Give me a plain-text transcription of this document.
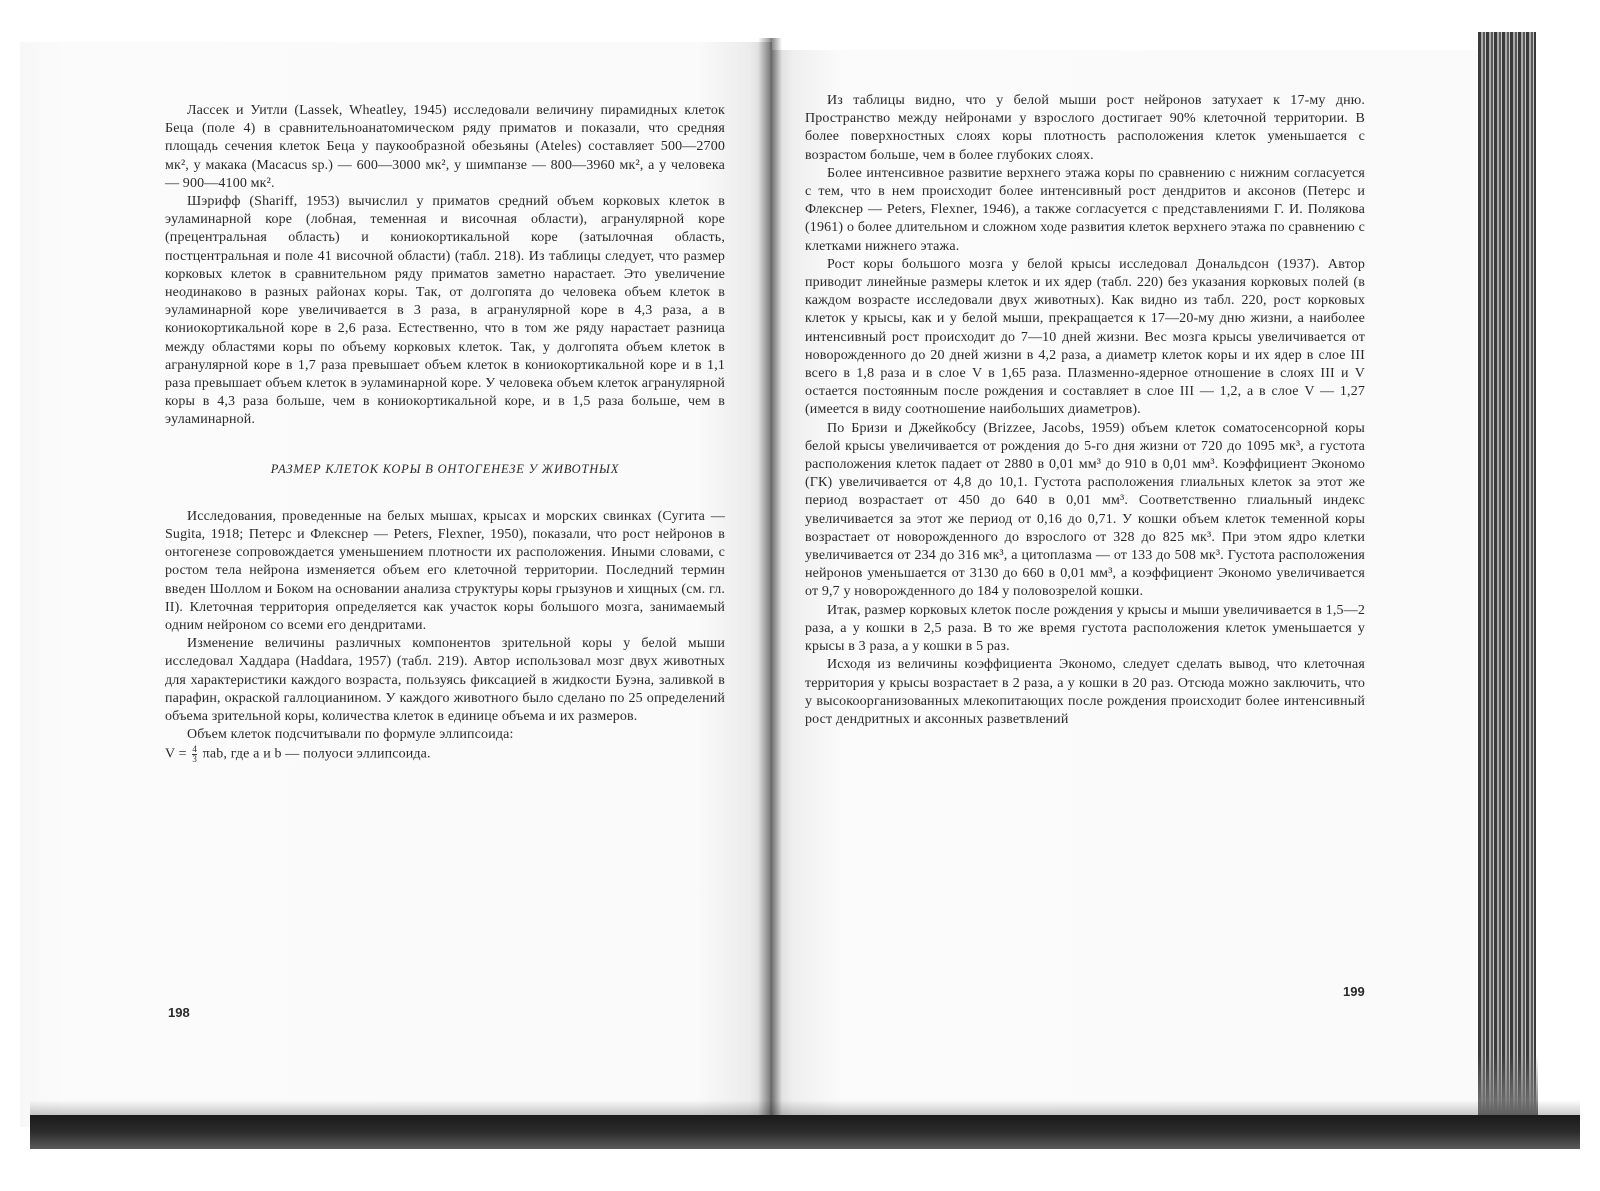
Лассек и Уитли (Lassek, Wheatley, 1945) исследовали величину пирамидных клеток Беца (поле 4) в сравнительноанатомическом ряду приматов и показали, что средняя площадь сечения клеток Беца у паукообразной обезьяны (Ateles) составляет 500—2700 мк², у макака (Macacus sp.) — 600—3000 мк², у шимпанзе — 800—3960 мк², а у человека — 900—4100 мк².

Шэрифф (Shariff, 1953) вычислил у приматов средний объем корковых клеток в эуламинарной коре (лобная, теменная и височная области), агранулярной коре (прецентральная область) и кониокортикальной коре (затылочная область, постцентральная и поле 41 височной области) (табл. 218). Из таблицы следует, что размер корковых клеток в сравнительном ряду приматов заметно нарастает. Это увеличение неодинаково в разных районах коры. Так, от долгопята до человека объем клеток в эуламинарной коре увеличивается в 3 раза, в агранулярной коре в 4,3 раза, а в кониокортикальной коре в 2,6 раза. Естественно, что в том же ряду нарастает разница между областями коры по объему корковых клеток. Так, у долгопята объем клеток в агранулярной коре в 1,7 раза превышает объем клеток в кониокортикальной коре и в 1,1 раза превышает объем клеток в эуламинарной коре. У человека объем клеток агранулярной коры в 4,3 раза больше, чем в кониокортикальной коре, и в 1,5 раза больше, чем в эуламинарной.

РАЗМЕР КЛЕТОК КОРЫ В ОНТОГЕНЕЗЕ У ЖИВОТНЫХ

Исследования, проведенные на белых мышах, крысах и морских свинках (Сугита — Sugita, 1918; Петерс и Флекснер — Peters, Flexner, 1950), показали, что рост нейронов в онтогенезе сопровождается уменьшением плотности их расположения. Иными словами, с ростом тела нейрона изменяется объем его клеточной территории. Последний термин введен Шоллом и Боком на основании анализа структуры коры грызунов и хищных (см. гл. II). Клеточная территория определяется как участок коры большого мозга, занимаемый одним нейроном со всеми его дендритами.

Изменение величины различных компонентов зрительной коры у белой мыши исследовал Хаддара (Haddara, 1957) (табл. 219). Автор использовал мозг двух животных для характеристики каждого возраста, пользуясь фиксацией в жидкости Буэна, заливкой в парафин, окраской галлоцианином. У каждого животного было сделано по 25 определений объема зрительной коры, количества клеток в единице объема и их размеров.

Объем клеток подсчитывали по формуле эллипсоида:

$V = \frac{4}{3} \pi ab$, где a и b — полуоси эллипсоида.

198

Из таблицы видно, что у белой мыши рост нейронов затухает к 17-му дню. Пространство между нейронами у взрослого достигает 90% клеточной территории. В более поверхностных слоях коры плотность расположения клеток уменьшается с возрастом больше, чем в более глубоких слоях.

Более интенсивное развитие верхнего этажа коры по сравнению с нижним согласуется с тем, что в нем происходит более интенсивный рост дендритов и аксонов (Петерс и Флекснер — Peters, Flexner, 1946), а также согласуется с представлениями Г. И. Полякова (1961) о более длительном и сложном ходе развития клеток верхнего этажа по сравнению с клетками нижнего этажа.

Рост коры большого мозга у белой крысы исследовал Дональдсон (1937). Автор приводит линейные размеры клеток и их ядер (табл. 220) без указания корковых полей (в каждом возрасте исследовали двух животных). Как видно из табл. 220, рост корковых клеток у крысы, как и у белой мыши, прекращается к 17—20-му дню жизни, а наиболее интенсивный рост происходит до 7—10 дней жизни. Вес мозга крысы увеличивается от новорожденного до 20 дней жизни в 4,2 раза, а диаметр клеток коры и их ядер в слое III всего в 1,8 раза и в слое V в 1,65 раза. Плазменно-ядерное отношение в слоях III и V остается постоянным после рождения и составляет в слое III — 1,2, а в слое V — 1,27 (имеется в виду соотношение наибольших диаметров).

По Бризи и Джейкобсу (Brizzee, Jacobs, 1959) объем клеток соматосенсорной коры белой крысы увеличивается от рождения до 5-го дня жизни от 720 до 1095 мк³, а густота расположения клеток падает от 2880 в 0,01 мм³ до 910 в 0,01 мм³. Коэффициент Экономо (ГК) увеличивается от 4,8 до 10,1. Густота расположения глиальных клеток за этот же период возрастает от 450 до 640 в 0,01 мм³. Соответственно глиальный индекс увеличивается за этот же период от 0,16 до 0,71. У кошки объем клеток теменной коры возрастает от новорожденного до взрослого от 328 до 825 мк³. При этом ядро клетки увеличивается от 234 до 316 мк³, а цитоплазма — от 133 до 508 мк³. Густота расположения нейронов уменьшается от 3130 до 660 в 0,01 мм³, а коэффициент Экономо увеличивается от 9,7 у новорожденного до 184 у половозрелой кошки.

Итак, размер корковых клеток после рождения у крысы и мыши увеличивается в 1,5—2 раза, а у кошки в 2,5 раза. В то же время густота расположения клеток уменьшается у крысы в 3 раза, а у кошки в 5 раз.

Исходя из величины коэффициента Экономо, следует сделать вывод, что клеточная территория у крысы возрастает в 2 раза, а у кошки в 20 раз. Отсюда можно заключить, что у высокоорганизованных млекопитающих после рождения происходит более интенсивный рост дендритных и аксонных разветвлений

199
